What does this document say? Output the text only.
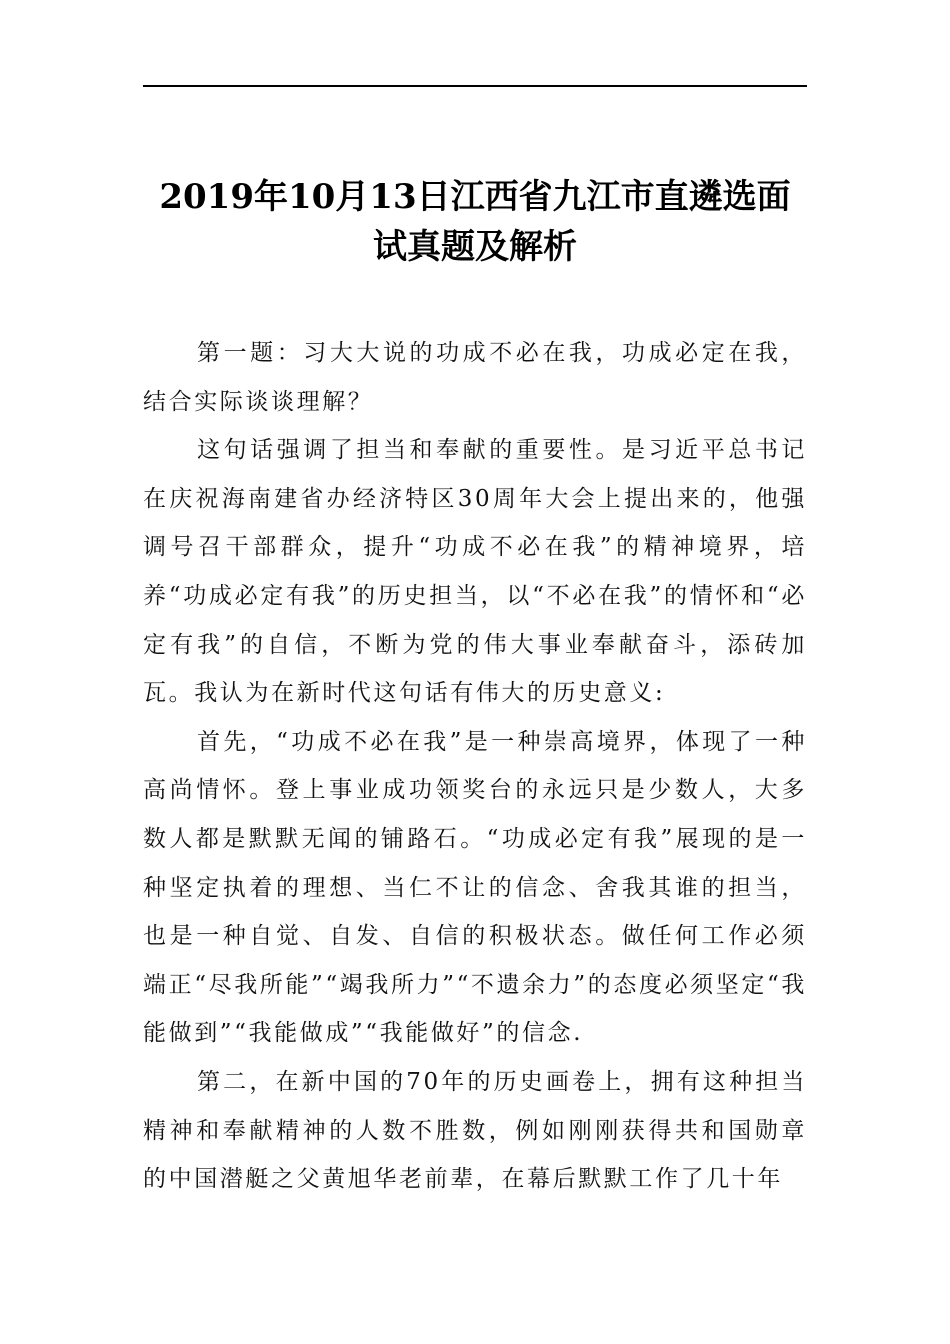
2019年10月13日江西省九江市直遴选面试真题及解析

第一题：习大大说的功成不必在我，功成必定在我，结合实际谈谈理解？

这句话强调了担当和奉献的重要性。是习近平总书记在庆祝海南建省办经济特区30周年大会上提出来的，他强调号召干部群众，提升“功成不必在我”的精神境界，培养“功成必定有我”的历史担当，以“不必在我”的情怀和“必定有我”的自信，不断为党的伟大事业奉献奋斗，添砖加瓦。我认为在新时代这句话有伟大的历史意义:

首先，“功成不必在我”是一种崇高境界，体现了一种高尚情怀。登上事业成功领奖台的永远只是少数人，大多数人都是默默无闻的铺路石。“功成必定有我”展现的是一种坚定执着的理想、当仁不让的信念、舍我其谁的担当，也是一种自觉、自发、自信的积极状态。做任何工作必须端正“尽我所能”“竭我所力”“不遗余力”的态度必须坚定“我能做到”“我能做成”“我能做好”的信念.

第二，在新中国的70年的历史画卷上，拥有这种担当精神和奉献精神的人数不胜数，例如刚刚获得共和国勋章的中国潜艇之父黄旭华老前辈，在幕后默默工作了几十年
